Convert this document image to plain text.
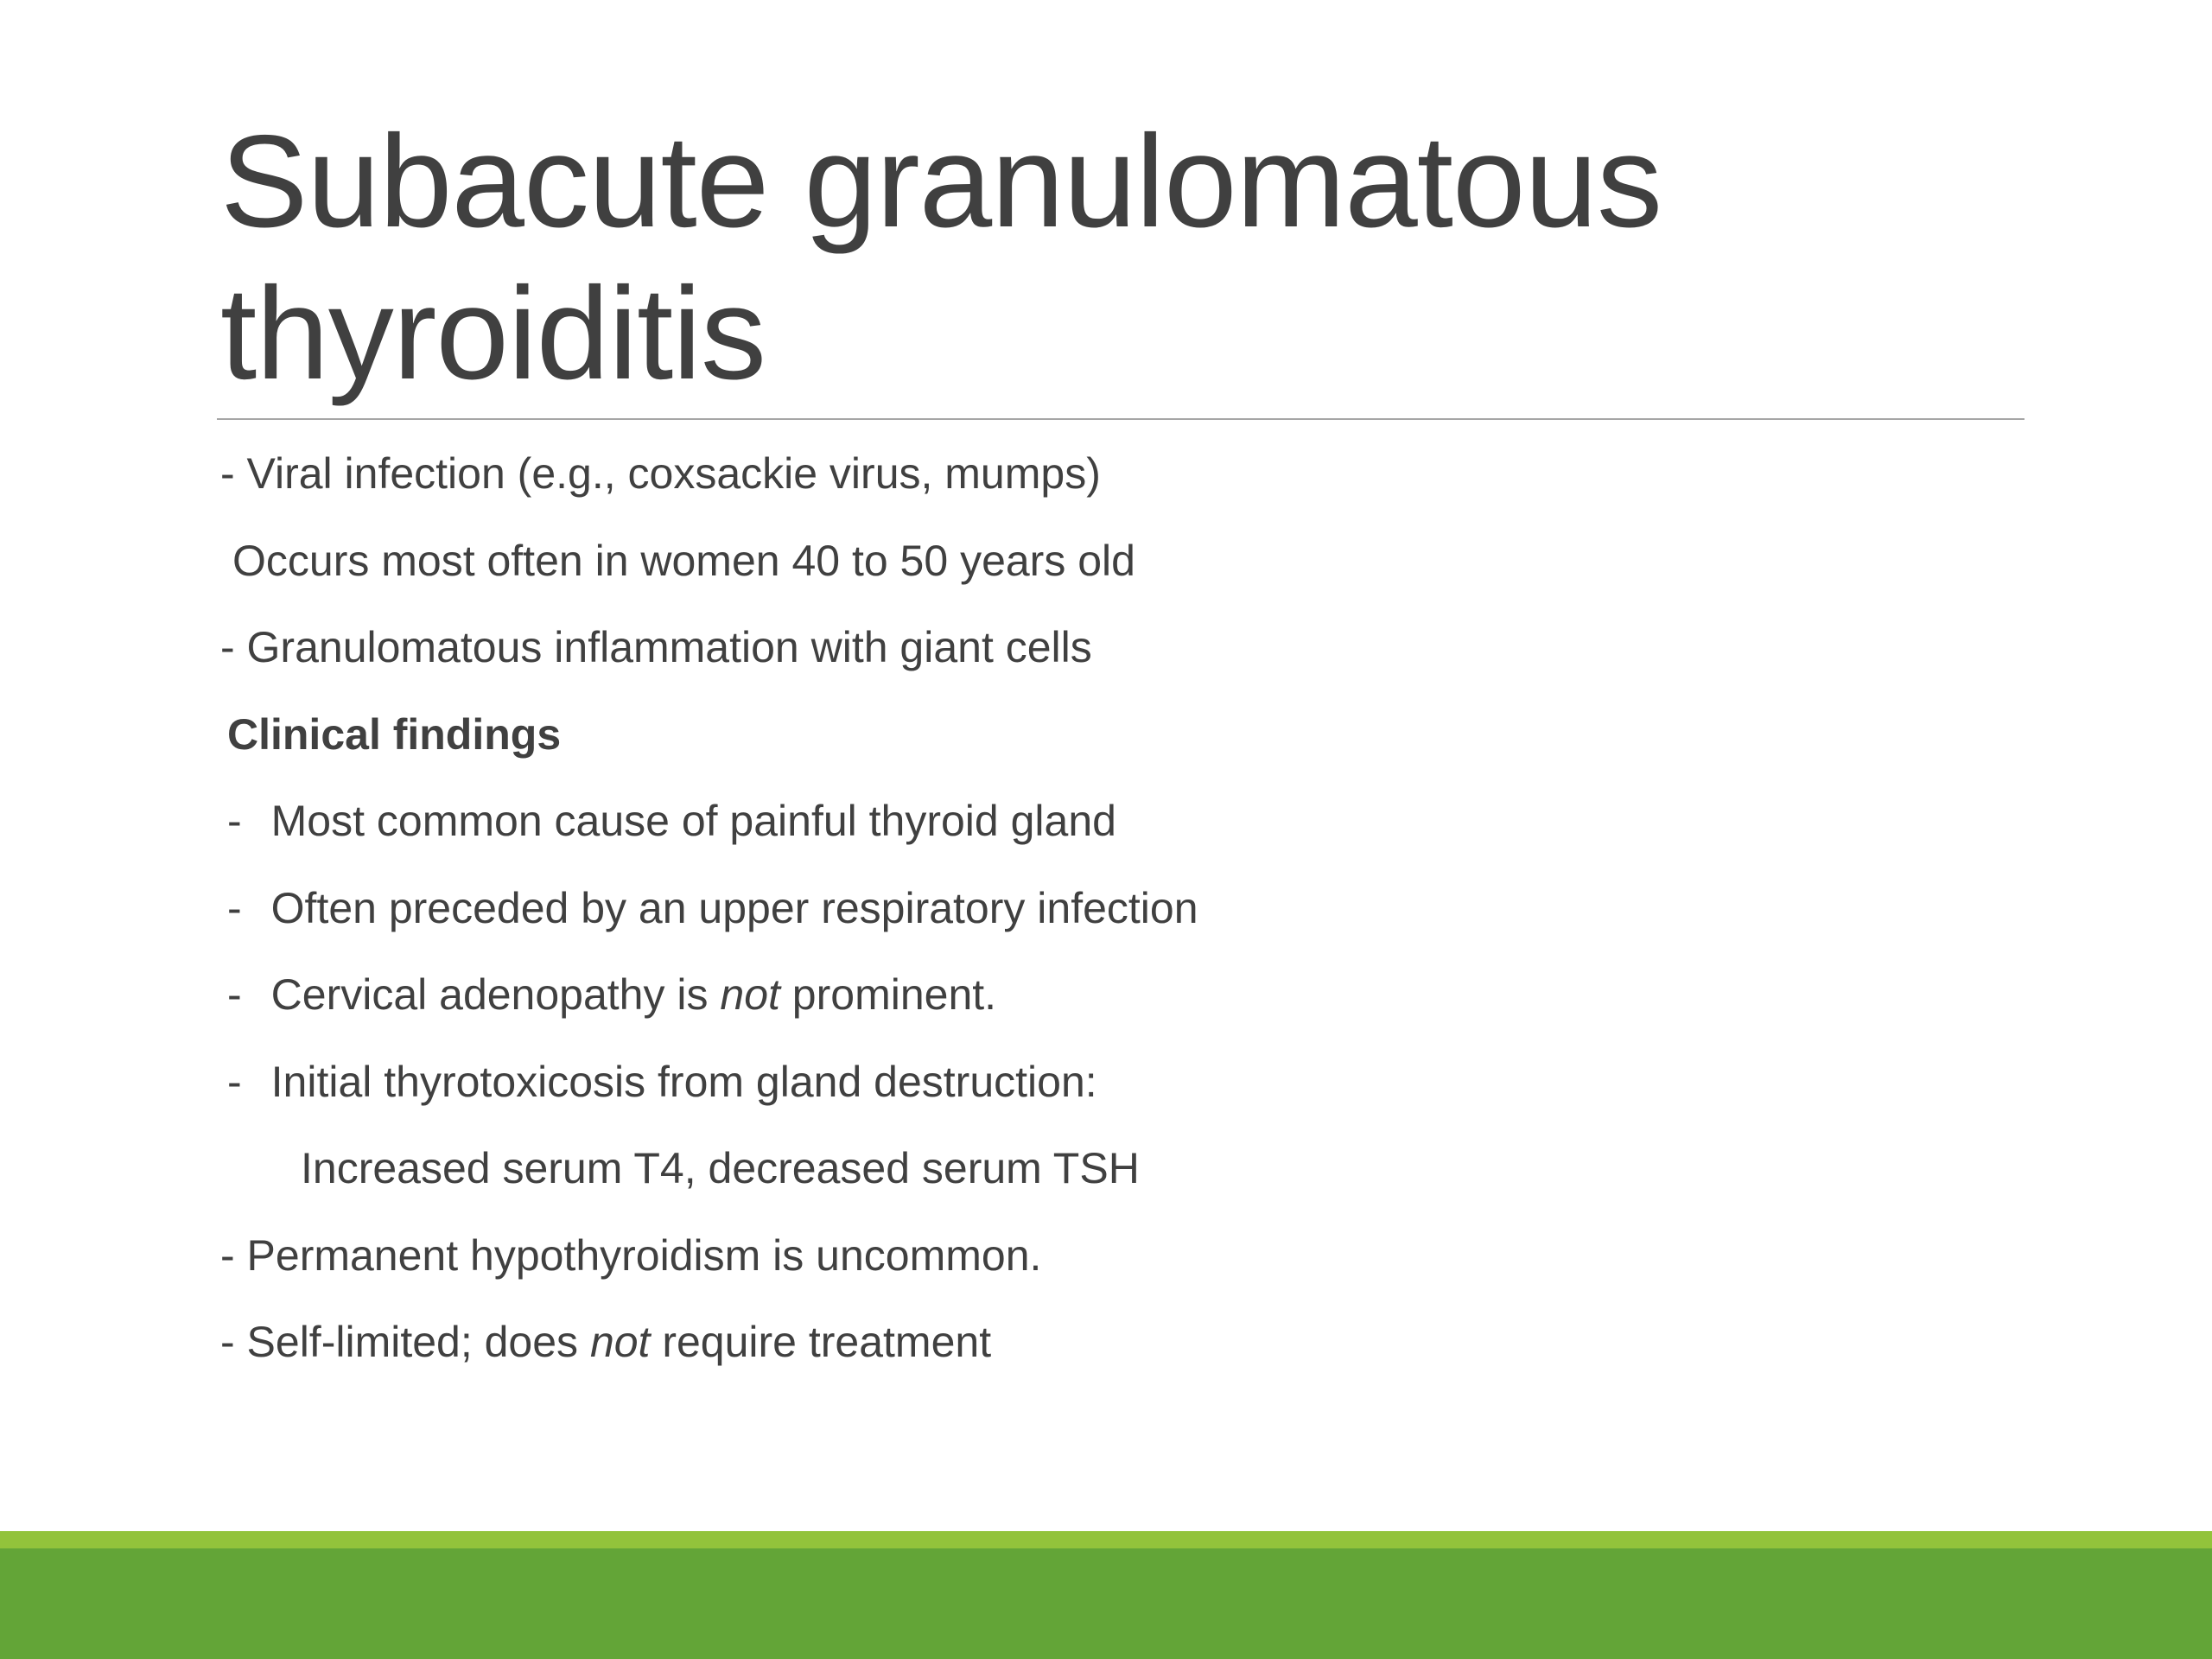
Subacute granulomatous
thyroiditis
- Viral infection (e.g., coxsackie virus, mumps)
Occurs most often in women 40 to 50 years old
- Granulomatous inflammation with giant cells
Clinical findings
- Most common cause of painful thyroid gland
- Often preceded by an upper respiratory infection
- Cervical adenopathy is not prominent.
- Initial thyrotoxicosis from gland destruction:
Increased serum T4, decreased serum TSH
- Permanent hypothyroidism is uncommon.
- Self-limited; does not require treatment
